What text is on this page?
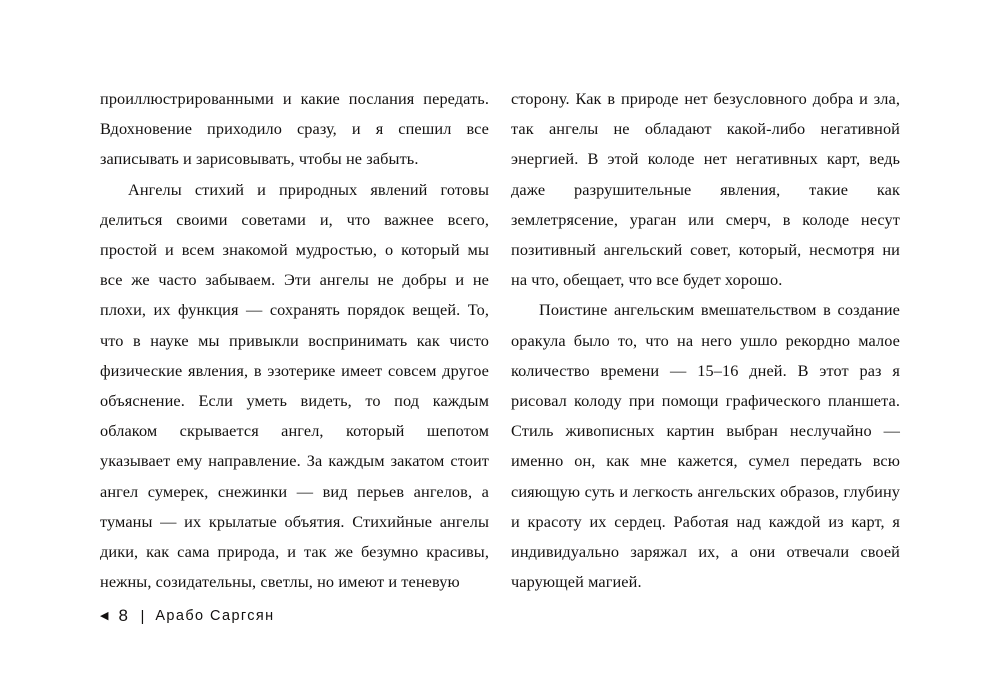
проиллюстрированными и какие послания передать. Вдохновение приходило сразу, и я спешил все записывать и зарисовывать, чтобы не забыть.

Ангелы стихий и природных явлений готовы делиться своими советами и, что важнее всего, простой и всем знакомой мудростью, о который мы все же часто забываем. Эти ангелы не добры и не плохи, их функция — сохранять порядок вещей. То, что в науке мы привыкли воспринимать как чисто физические явления, в эзотерике имеет совсем другое объяснение. Если уметь видеть, то под каждым облаком скрывается ангел, который шепотом указывает ему направление. За каждым закатом стоит ангел сумерек, снежинки — вид перьев ангелов, а туманы — их крылатые объятия. Стихийные ангелы дики, как сама природа, и так же безумно красивы, нежны, созидательны, светлы, но имеют и теневую

сторону. Как в природе нет безусловного добра и зла, так ангелы не обладают какой-либо негативной энергией. В этой колоде нет негативных карт, ведь даже разрушительные явления, такие как землетрясение, ураган или смерч, в колоде несут позитивный ангельский совет, который, несмотря ни на что, обещает, что все будет хорошо.

Поистине ангельским вмешательством в создание оракула было то, что на него ушло рекордно малое количество времени — 15–16 дней. В этот раз я рисовал колоду при помощи графического планшета. Стиль живописных картин выбран неслучайно — именно он, как мне кажется, сумел передать всю сияющую суть и легкость ангельских образов, глубину и красоту их сердец. Работая над каждой из карт, я индивидуально заряжал их, а они отвечали своей чарующей магией.

◀ 8 | Арабо Саргсян
